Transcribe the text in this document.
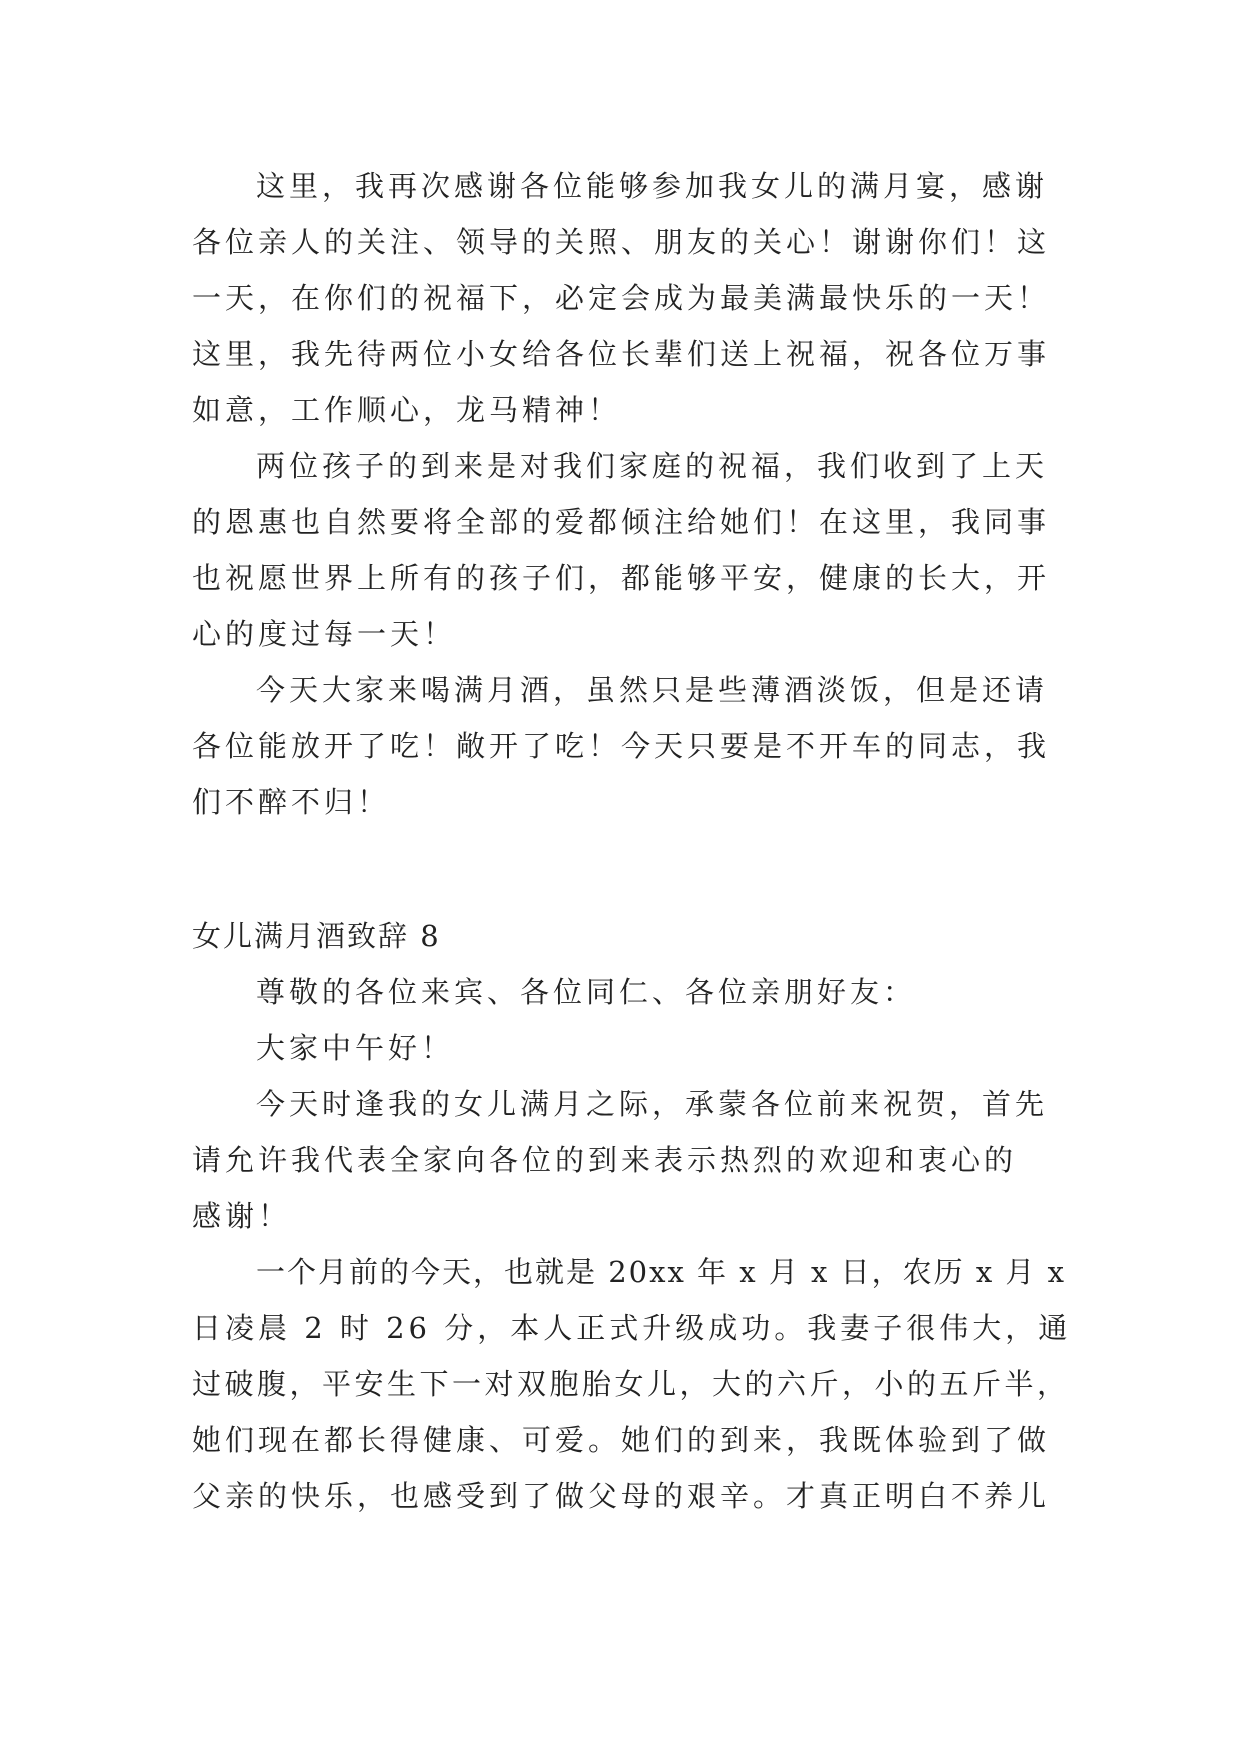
这里，我再次感谢各位能够参加我女儿的满月宴，感谢
各位亲人的关注、领导的关照、朋友的关心！谢谢你们！这
一天，在你们的祝福下，必定会成为最美满最快乐的一天！
这里，我先待两位小女给各位长辈们送上祝福，祝各位万事
如意，工作顺心，龙马精神！
两位孩子的到来是对我们家庭的祝福，我们收到了上天
的恩惠也自然要将全部的爱都倾注给她们！在这里，我同事
也祝愿世界上所有的孩子们，都能够平安，健康的长大，开
心的度过每一天！
今天大家来喝满月酒，虽然只是些薄酒淡饭，但是还请
各位能放开了吃！敞开了吃！今天只要是不开车的同志，我
们不醉不归！
女儿满月酒致辞 8
尊敬的各位来宾、各位同仁、各位亲朋好友：
大家中午好！
今天时逢我的女儿满月之际，承蒙各位前来祝贺，首先
请允许我代表全家向各位的到来表示热烈的欢迎和衷心的
感谢！
一个月前的今天，也就是 20xx 年 x 月 x 日，农历 x 月 x
日凌晨 2 时 26 分，本人正式升级成功。我妻子很伟大，通
过破腹，平安生下一对双胞胎女儿，大的六斤，小的五斤半，
她们现在都长得健康、可爱。她们的到来，我既体验到了做
父亲的快乐，也感受到了做父母的艰辛。才真正明白不养儿
